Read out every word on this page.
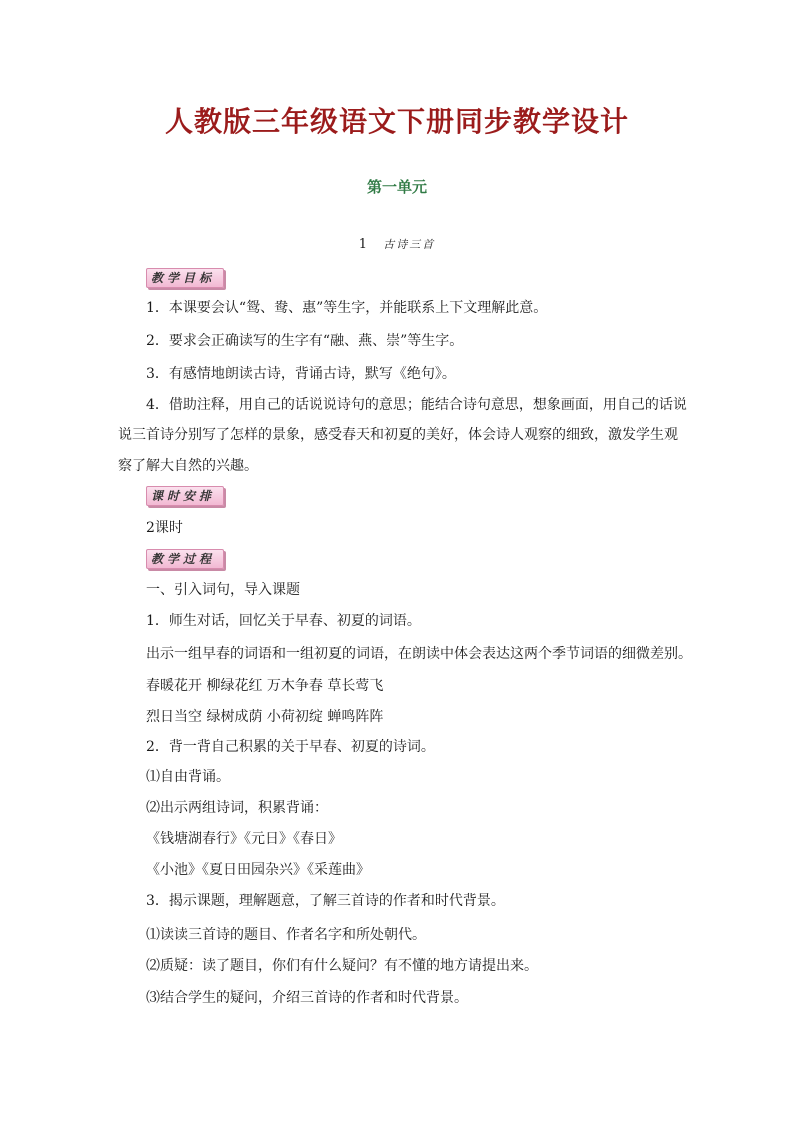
人教版三年级语文下册同步教学设计
第一单元
1 古诗三首
教学目标
1．本课要会认“鸳、鸯、惠”等生字，并能联系上下文理解此意。
2．要求会正确读写的生字有“融、燕、崇”等生字。
3．有感情地朗读古诗，背诵古诗，默写《绝句》。
4．借助注释，用自己的话说说诗句的意思；能结合诗句意思，想象画面，用自己的话说
说三首诗分别写了怎样的景象，感受春天和初夏的美好，体会诗人观察的细致，激发学生观
察了解大自然的兴趣。
课时安排
2课时
教学过程
一、引入词句，导入课题
1．师生对话，回忆关于早春、初夏的词语。
出示一组早春的词语和一组初夏的词语，在朗读中体会表达这两个季节词语的细微差别。
春暖花开 柳绿花红 万木争春 草长莺飞
烈日当空 绿树成荫 小荷初绽 蝉鸣阵阵
2．背一背自己积累的关于早春、初夏的诗词。
⑴自由背诵。
⑵出示两组诗词，积累背诵：
《钱塘湖春行》《元日》《春日》
《小池》《夏日田园杂兴》《采莲曲》
3．揭示课题，理解题意，了解三首诗的作者和时代背景。
⑴读读三首诗的题目、作者名字和所处朝代。
⑵质疑：读了题目，你们有什么疑问？有不懂的地方请提出来。
⑶结合学生的疑问，介绍三首诗的作者和时代背景。
